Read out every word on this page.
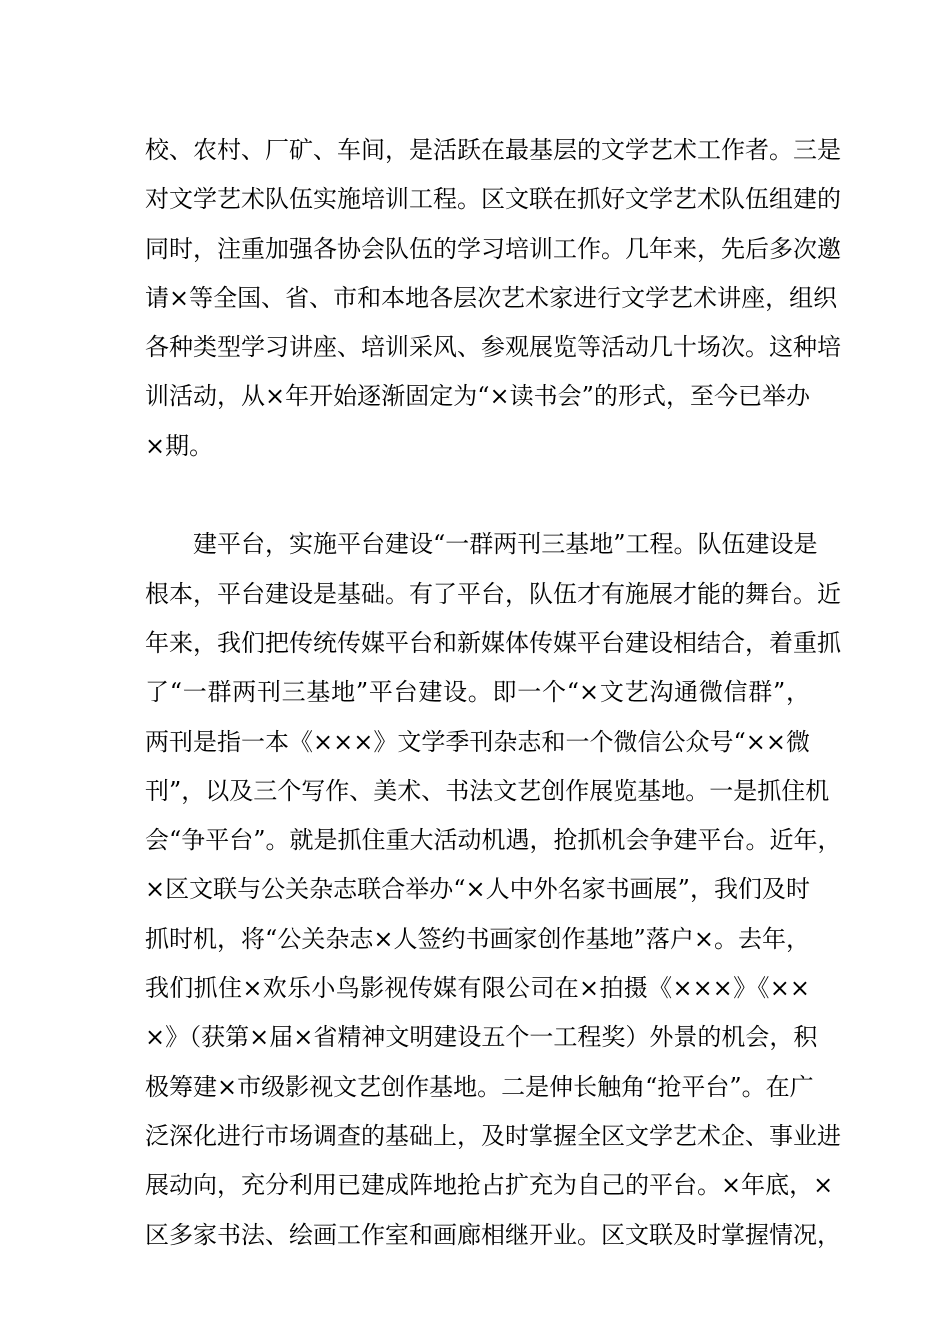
校、农村、厂矿、车间，是活跃在最基层的文学艺术工作者。三是
对文学艺术队伍实施培训工程。区文联在抓好文学艺术队伍组建的
同时，注重加强各协会队伍的学习培训工作。几年来，先后多次邀
请×等全国、省、市和本地各层次艺术家进行文学艺术讲座，组织
各种类型学习讲座、培训采风、参观展览等活动几十场次。这种培
训活动，从×年开始逐渐固定为“×读书会”的形式，至今已举办
×期。
建平台，实施平台建设“一群两刊三基地”工程。队伍建设是
根本，平台建设是基础。有了平台，队伍才有施展才能的舞台。近
年来，我们把传统传媒平台和新媒体传媒平台建设相结合，着重抓
了“一群两刊三基地”平台建设。即一个“×文艺沟通微信群”，
两刊是指一本《×××》文学季刊杂志和一个微信公众号“××微
刊”，以及三个写作、美术、书法文艺创作展览基地。一是抓住机
会“争平台”。就是抓住重大活动机遇，抢抓机会争建平台。近年，
×区文联与公关杂志联合举办“×人中外名家书画展”，我们及时
抓时机，将“公关杂志×人签约书画家创作基地”落户×。去年，
我们抓住×欢乐小鸟影视传媒有限公司在×拍摄《×××》《××
×》（获第×届×省精神文明建设五个一工程奖）外景的机会，积
极筹建×市级影视文艺创作基地。二是伸长触角“抢平台”。在广
泛深化进行市场调查的基础上，及时掌握全区文学艺术企、事业进
展动向，充分利用已建成阵地抢占扩充为自己的平台。×年底，×
区多家书法、绘画工作室和画廊相继开业。区文联及时掌握情况，
